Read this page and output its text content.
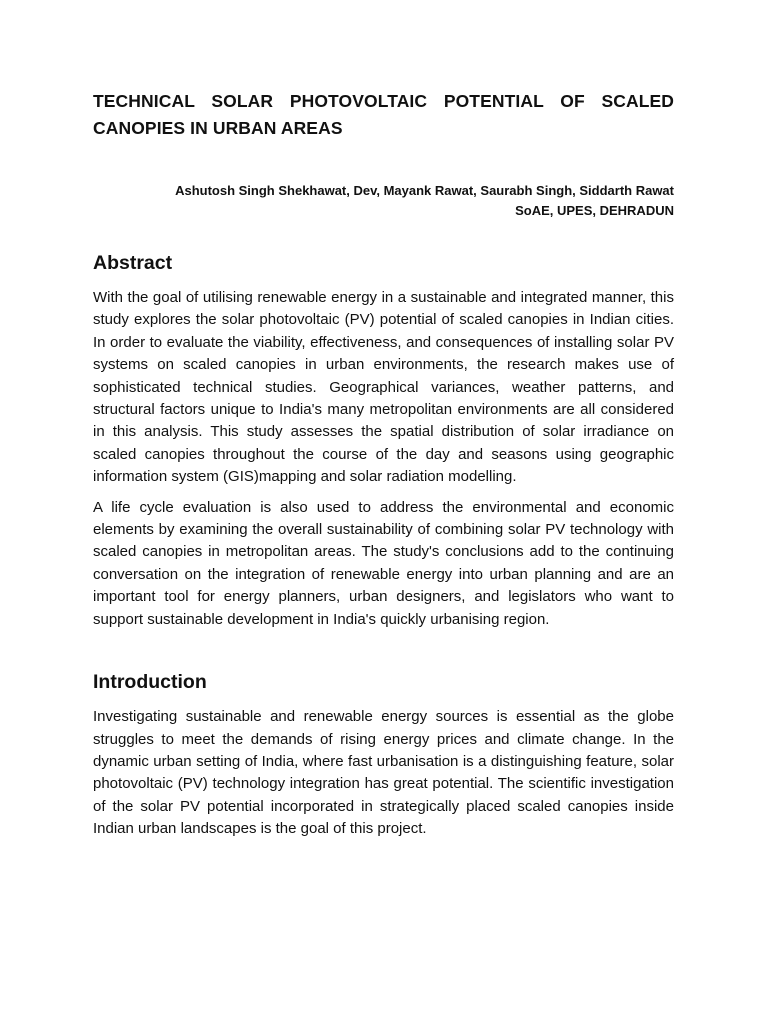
TECHNICAL SOLAR PHOTOVOLTAIC POTENTIAL OF SCALED CANOPIES IN URBAN AREAS
Ashutosh Singh Shekhawat, Dev, Mayank Rawat, Saurabh Singh, Siddarth Rawat
SoAE, UPES, DEHRADUN
Abstract

With the goal of utilising renewable energy in a sustainable and integrated manner, this study explores the solar photovoltaic (PV) potential of scaled canopies in Indian cities. In order to evaluate the viability, effectiveness, and consequences of installing solar PV systems on scaled canopies in urban environments, the research makes use of sophisticated technical studies. Geographical variances, weather patterns, and structural factors unique to India's many metropolitan environments are all considered in this analysis. This study assesses the spatial distribution of solar irradiance on scaled canopies throughout the course of the day and seasons using geographic information system (GIS)mapping and solar radiation modelling.

A life cycle evaluation is also used to address the environmental and economic elements by examining the overall sustainability of combining solar PV technology with scaled canopies in metropolitan areas. The study's conclusions add to the continuing conversation on the integration of renewable energy into urban planning and are an important tool for energy planners, urban designers, and legislators who want to support sustainable development in India's quickly urbanising region.

Introduction

Investigating sustainable and renewable energy sources is essential as the globe struggles to meet the demands of rising energy prices and climate change. In the dynamic urban setting of India, where fast urbanisation is a distinguishing feature, solar photovoltaic (PV) technology integration has great potential. The scientific investigation of the solar PV potential incorporated in strategically placed scaled canopies inside Indian urban landscapes is the goal of this project.
